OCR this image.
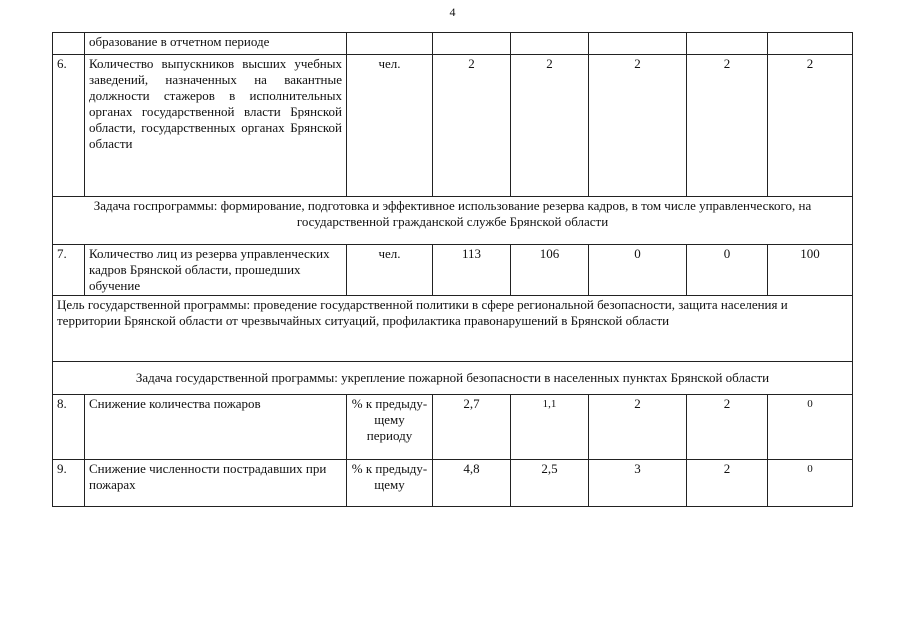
4
	образование в отчетном периоде						
6.	Количество выпускников высших учебных заведений, назначенных на вакантные должности стажеров в исполнительных органах государственной власти Брянской области, государственных органах Брянской области	чел.	2	2	2	2	2
Задача госпрограммы: формирование, подготовка и эффективное использование резерва кадров, в том числе управленческого, на государственной гражданской службе Брянской области							
7.	Количество лиц из резерва управленческих кадров Брянской области, прошедших обучение	чел.	113	106	0	0	100
Цель государственной программы: проведение государственной политики в сфере региональной безопасности, защита населения и территории Брянской области от чрезвычайных ситуаций, профилактика правонарушений в Брянской области							
Задача государственной программы: укрепление пожарной безопасности в населенных пунктах Брянской области							
8.	Снижение количества пожаров	% к предыду-щему периоду	2,7	1,1	2	2	0
9.	Снижение численности пострадавших при пожарах	% к предыду-щему	4,8	2,5	3	2	0
